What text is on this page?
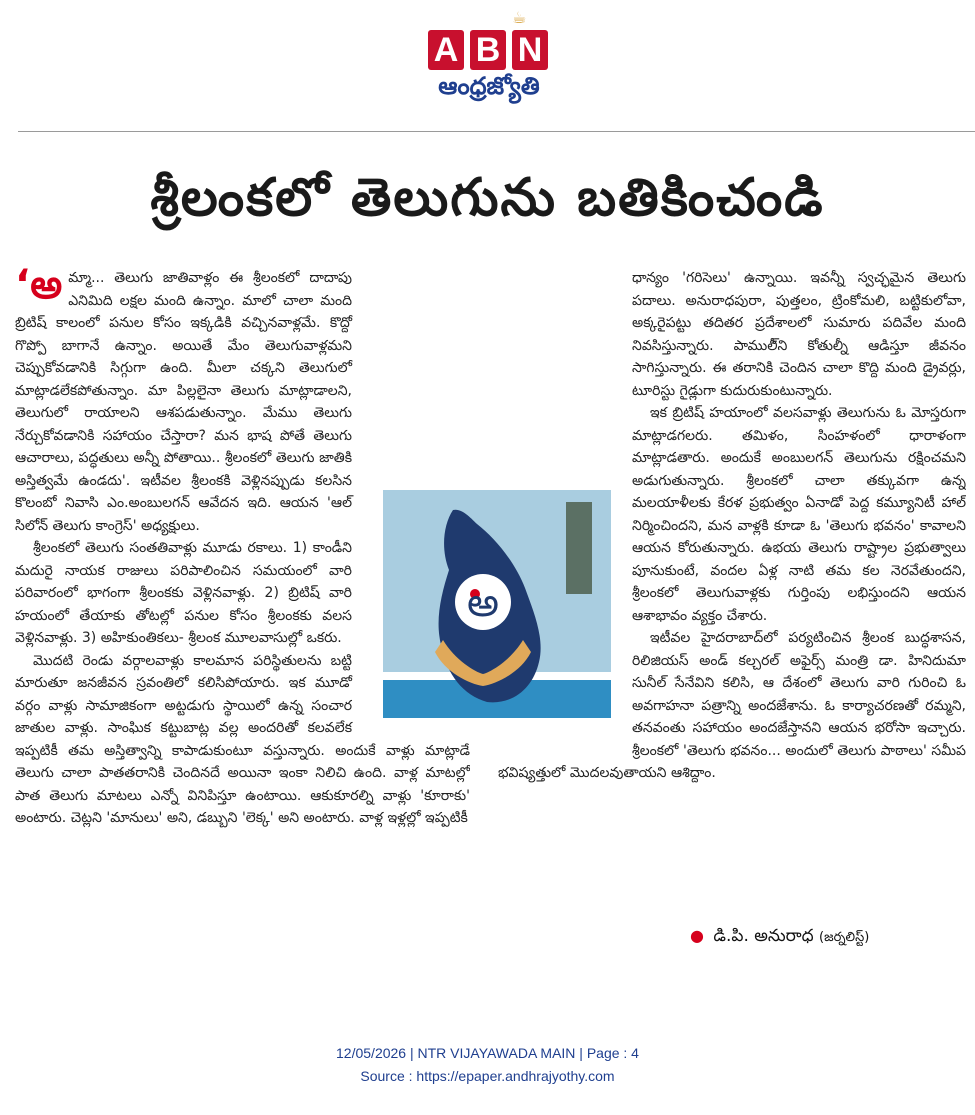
☕
A B N
ఆంధ్రజ్యోతి
శ్రీలంకలో తెలుగును బతికించండి

‘అమ్మా... తెలుగు జాతివాళ్లం ఈ శ్రీలంకలో దాదాపు ఎనిమిది లక్షల మంది ఉన్నాం. మాలో చాలా మంది బ్రిటిష్ కాలంలో పనుల కోసం ఇక్కడికి వచ్చినవాళ్లమే. కొద్దో గొప్పో బాగానే ఉన్నాం. అయితే మేం తెలుగువాళ్లమని చెప్పుకోవడానికి సిగ్గుగా ఉంది. మీలా చక్కని తెలుగులో మాట్లాడలేకపోతున్నాం. మా పిల్లలైనా తెలుగు మాట్లాడాలని, తెలుగులో రాయాలని ఆశపడుతున్నాం. మేము తెలుగు నేర్చుకోవడానికి సహాయం చేస్తారా? మన భాష పోతే తెలుగు ఆచారాలు, పద్ధతులు అన్నీ పోతాయి.. శ్రీలంకలో తెలుగు జాతికి అస్తిత్వమే ఉండదు'. ఇటీవల శ్రీలంకకి వెళ్లినప్పుడు కలసిన కొలంబో నివాసి ఎం.అంబులగన్ ఆవేదన ఇది. ఆయన 'ఆల్ సిలోన్ తెలుగు కాంగ్రెస్' అధ్యక్షులు.

శ్రీలంకలో తెలుగు సంతతివాళ్లు మూడు రకాలు. 1) కాండీని మదురై నాయక రాజులు పరిపాలించిన సమయంలో వారి పరివారంలో భాగంగా శ్రీలంకకు వెళ్లినవాళ్లు. 2) బ్రిటిష్ వారి హయంలో తేయాకు తోటల్లో పనుల కోసం శ్రీలంకకు వలస వెళ్లినవాళ్లు. 3) అహికుంతికలు- శ్రీలంక మూలవాసుల్లో ఒకరు.

మొదటి రెండు వర్గాలవాళ్లు కాలమాన పరిస్థితులను బట్టి మారుతూ జనజీవన స్రవంతిలో కలిసిపోయారు. ఇక మూడో వర్గం వాళ్లు సామాజికంగా అట్టడుగు స్థాయిలో ఉన్న సంచార జాతుల వాళ్లు. సాంఘిక కట్టుబాట్ల వల్ల అందరితో కలవలేక ఇప్పటికీ తమ అస్తిత్వాన్ని కాపాడుకుంటూ వస్తున్నారు. అందుకే వాళ్లు మాట్లాడే తెలుగు చాలా పాతతరానికి చెందినదే అయినా ఇంకా నిలిచి ఉంది. వాళ్ల మాటల్లో పాత తెలుగు మాటలు ఎన్నో వినిపిస్తూ ఉంటాయి. ఆకుకూరల్ని వాళ్లు 'కూరాకు' అంటారు. చెట్లని 'మానులు' అని, డబ్బుని 'లెక్క' అని అంటారు. వాళ్ల ఇళ్లల్లో ఇప్పటికీ

ధాన్యం 'గరిసెలు' ఉన్నాయి. ఇవన్నీ స్వచ్ఛమైన తెలుగు పదాలు. అనురాధపురా, పుత్తలం, ట్రింకోమలి, బట్టికులోవా, అక్కరైపట్టు తదితర ప్రదేశాలలో సుమారు పదివేల మంది నివసిస్తున్నారు. పాములీ్ని కోతుల్నీ ఆడిస్తూ జీవనం సాగిస్తున్నారు. ఈ తరానికి చెందిన చాలా కొద్ది మంది డ్రైవర్లు, టూరిస్టు గైడ్లుగా కుదురుకుంటున్నారు.

ఇక బ్రిటిష్ హయాంలో వలసవాళ్లు తెలుగును ఓ మోస్తరుగా మాట్లాడగలరు. తమిళం, సింహళంలో ధారాళంగా మాట్లాడతారు. అందుకే అంబులగన్ తెలుగును రక్షించమని అడుగుతున్నారు. శ్రీలంకలో చాలా తక్కువగా ఉన్న మలయాళీలకు కేరళ ప్రభుత్వం ఏనాడో పెద్ద కమ్యూనిటీ హాల్ నిర్మించిందని, మన వాళ్లకి కూడా ఓ 'తెలుగు భవనం' కావాలని ఆయన కోరుతున్నారు. ఉభయ తెలుగు రాష్ట్రాల ప్రభుత్వాలు పూనుకుంటే, వందల ఏళ్ల నాటి తమ కల నెరవేతుందని, శ్రీలంకలో తెలుగువాళ్లకు గుర్తింపు లభిస్తుందని ఆయన ఆశాభావం వ్యక్తం చేశారు.

ఇటీవల హైదరాబాద్‌లో పర్యటించిన శ్రీలంక బుద్ధశాసన, రిలిజియస్ అండ్ కల్చరల్ అఫైర్స్ మంత్రి డా. హినిదుమా సునీల్ సేనేవిని కలిసి, ఆ దేశంలో తెలుగు వారి గురించి ఓ అవగాహనా పత్రాన్ని అందజేశాను. ఓ కార్యాచరణతో రమ్మని, తనవంతు సహాయం అందజేస్తానని ఆయన భరోసా ఇచ్చారు. శ్రీలంకలో 'తెలుగు భవనం... అందులో తెలుగు పాఠాలు' సమీప భవిష్యత్తులో మొదలవుతాయని ఆశిద్దాం.

అ
● డి.పి. అనురాధ (జర్నలిస్ట్)
12/05/2026 | NTR VIJAYAWADA MAIN | Page : 4
Source : https://epaper.andhrajyothy.com
